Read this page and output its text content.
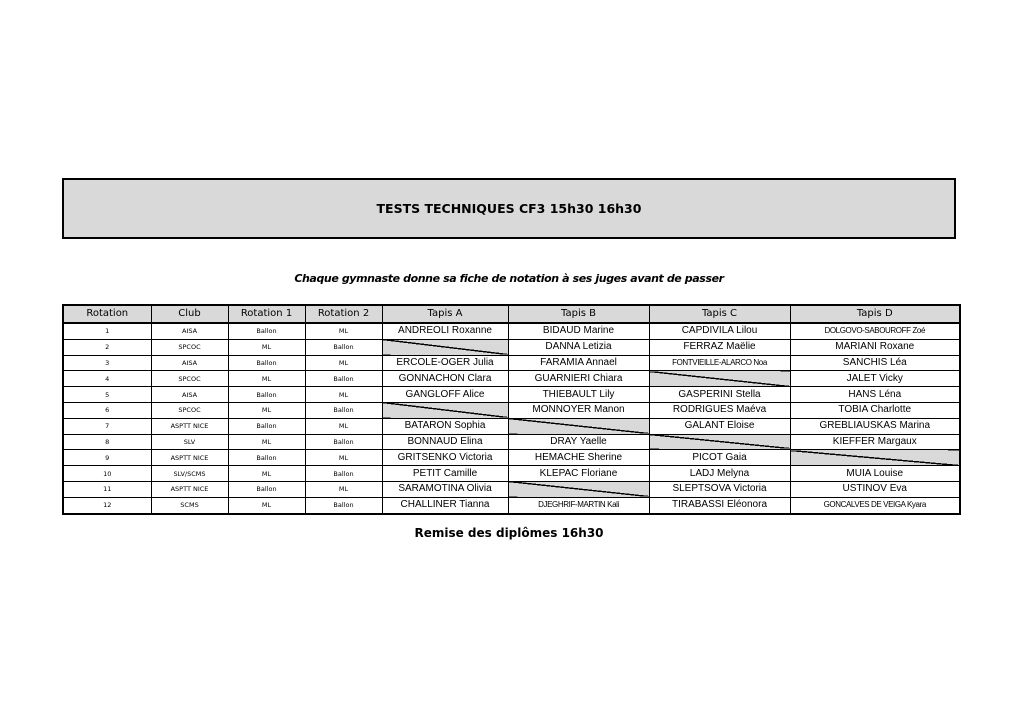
TESTS TECHNIQUES CF3 15h30 16h30
Chaque gymnaste donne sa fiche de notation à ses juges avant de passer
Rotation	Club	Rotation 1	Rotation 2	Tapis A	Tapis B	Tapis C	Tapis D
1	AISA	Ballon	ML	ANDREOLI Roxanne	BIDAUD Marine	CAPDIVILA Lilou	DOLGOVO-SABOUROFF Zoé
2	SPCOC	ML	Ballon		DANNA Letizia	FERRAZ Maëlie	MARIANI Roxane
3	AISA	Ballon	ML	ERCOLE-OGER Julia	FARAMIA Annael	FONTVIEILLE-ALARCO Noa	SANCHIS Léa
4	SPCOC	ML	Ballon	GONNACHON Clara	GUARNIERI Chiara		JALET Vicky
5	AISA	Ballon	ML	GANGLOFF Alice	THIEBAULT Lily	GASPERINI Stella	HANS Léna
6	SPCOC	ML	Ballon		MONNOYER Manon	RODRIGUES Maéva	TOBIA Charlotte
7	ASPTT NICE	Ballon	ML	BATARON Sophia		GALANT Eloise	GREBLIAUSKAS Marina
8	SLV	ML	Ballon	BONNAUD Elina	DRAY Yaelle		KIEFFER Margaux
9	ASPTT NICE	Ballon	ML	GRITSENKO Victoria	HEMACHE Sherine	PICOT Gaia	
10	SLV/SCMS	ML	Ballon	PETIT Camille	KLEPAC Floriane	LADJ Melyna	MUIA Louise
11	ASPTT NICE	Ballon	ML	SARAMOTINA Olivia		SLEPTSOVA Victoria	USTINOV Eva
12	SCMS	ML	Ballon	CHALLINER Tianna	DJEGHRIF-MARTIN Kali	TIRABASSI Eléonora	GONCALVES DE VEIGA Kyara
Remise des diplômes 16h30
